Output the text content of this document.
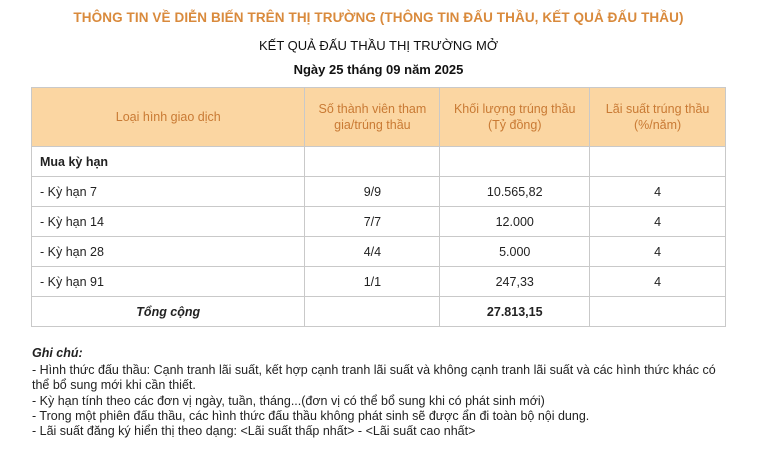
THÔNG TIN VỀ DIỄN BIẾN TRÊN THỊ TRƯỜNG (THÔNG TIN ĐẤU THẦU, KẾT QUẢ ĐẤU THẦU)
KẾT QUẢ ĐẤU THẦU THỊ TRƯỜNG MỞ
Ngày 25 tháng 09 năm 2025
Loại hình giao dịch	Số thành viên tham gia/trúng thầu	Khối lượng trúng thầu (Tỷ đồng)	Lãi suất trúng thầu (%/năm)
Mua kỳ hạn			
- Kỳ hạn 7	9/9	10.565,82	4
- Kỳ hạn 14	7/7	12.000	4
- Kỳ hạn 28	4/4	5.000	4
- Kỳ hạn 91	1/1	247,33	4
Tổng cộng		27.813,15	
Ghi chú:
- Hình thức đấu thầu: Cạnh tranh lãi suất, kết hợp cạnh tranh lãi suất và không cạnh tranh lãi suất và các hình thức khác có thể bổ sung mới khi cần thiết.
- Kỳ hạn tính theo các đơn vị ngày, tuần, tháng...(đơn vị có thể bổ sung khi có phát sinh mới)
- Trong một phiên đấu thầu, các hình thức đấu thầu không phát sinh sẽ được ẩn đi toàn bộ nội dung.
- Lãi suất đăng ký hiển thị theo dạng: <Lãi suất thấp nhất> - <Lãi suất cao nhất>
